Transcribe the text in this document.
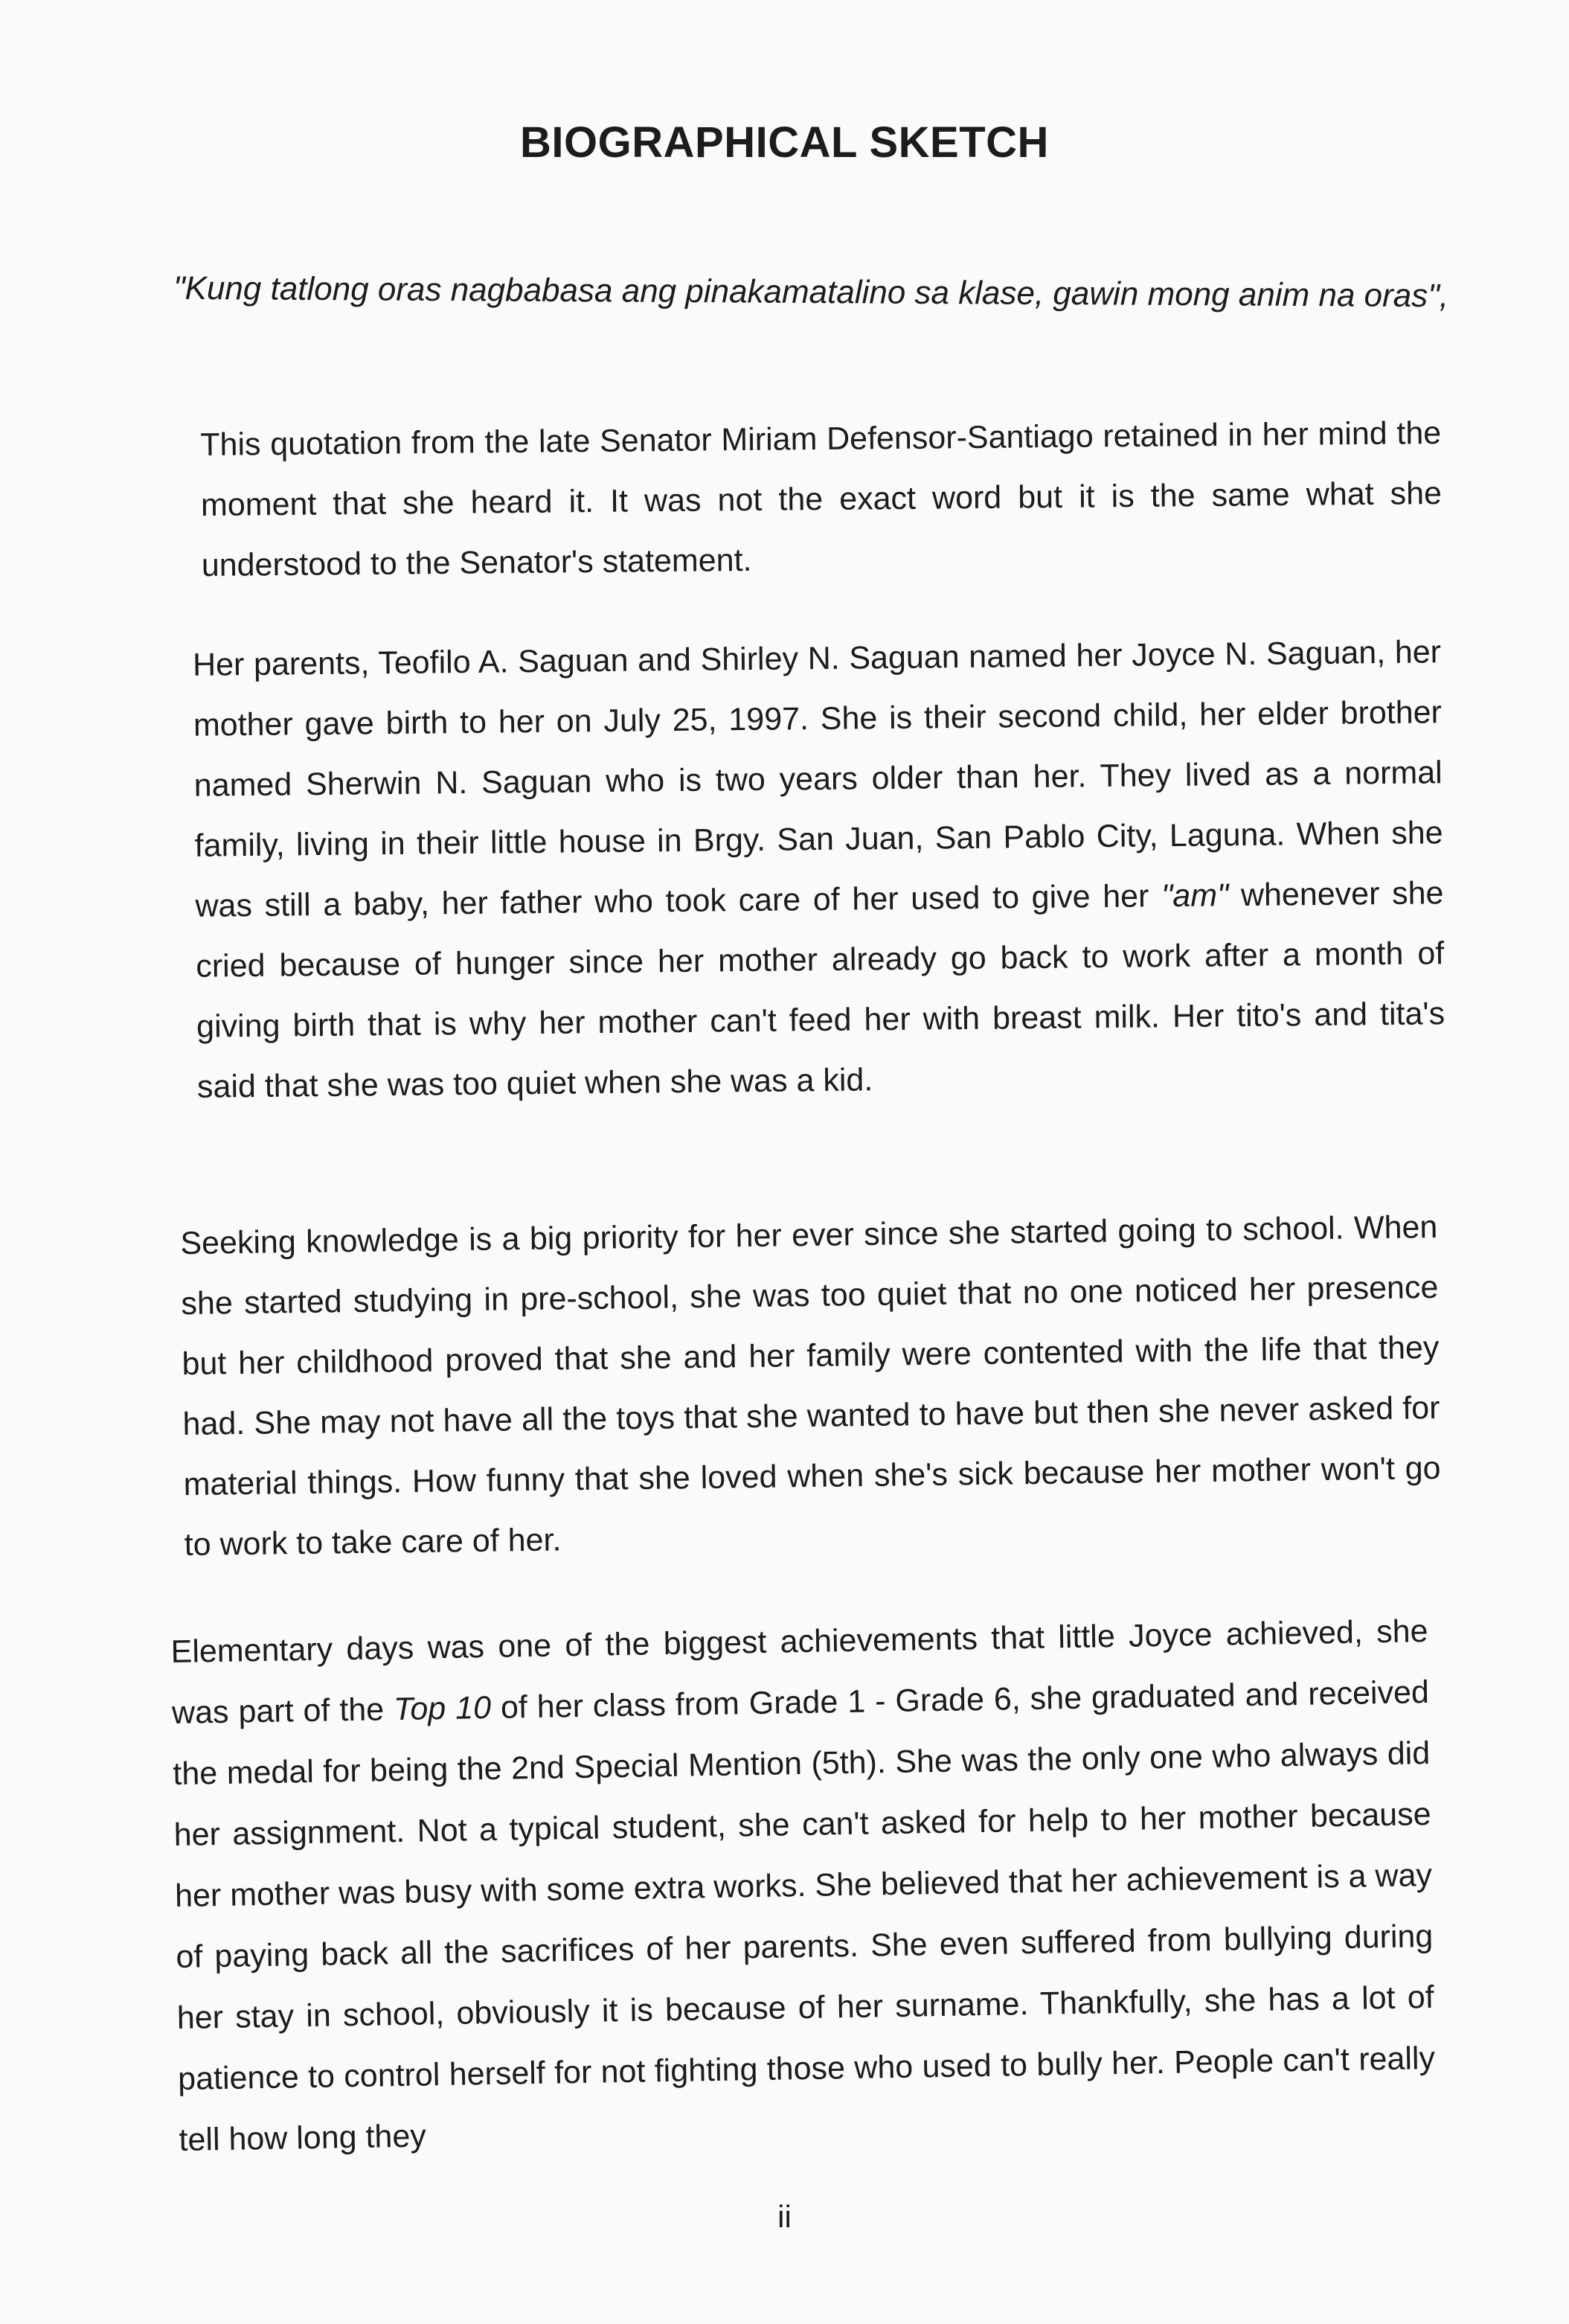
BIOGRAPHICAL SKETCH

"Kung tatlong oras nagbabasa ang pinakamatalino sa klase, gawin mong anim na oras",

This quotation from the late Senator Miriam Defensor-Santiago retained in her mind the moment that she heard it. It was not the exact word but it is the same what she understood to the Senator's statement.

Her parents, Teofilo A. Saguan and Shirley N. Saguan named her Joyce N. Saguan, her mother gave birth to her on July 25, 1997. She is their second child, her elder brother named Sherwin N. Saguan who is two years older than her. They lived as a normal family, living in their little house in Brgy. San Juan, San Pablo City, Laguna. When she was still a baby, her father who took care of her used to give her "am" whenever she cried because of hunger since her mother already go back to work after a month of giving birth that is why her mother can't feed her with breast milk. Her tito's and tita's said that she was too quiet when she was a kid.

Seeking knowledge is a big priority for her ever since she started going to school. When she started studying in pre-school, she was too quiet that no one noticed her presence but her childhood proved that she and her family were contented with the life that they had. She may not have all the toys that she wanted to have but then she never asked for material things. How funny that she loved when she's sick because her mother won't go to work to take care of her.

Elementary days was one of the biggest achievements that little Joyce achieved, she was part of the Top 10 of her class from Grade 1 - Grade 6, she graduated and received the medal for being the 2nd Special Mention (5th). She was the only one who always did her assignment. Not a typical student, she can't asked for help to her mother because her mother was busy with some extra works. She believed that her achievement is a way of paying back all the sacrifices of her parents. She even suffered from bullying during her stay in school, obviously it is because of her surname. Thankfully, she has a lot of patience to control herself for not fighting those who used to bully her. People can't really tell how long they

ii
